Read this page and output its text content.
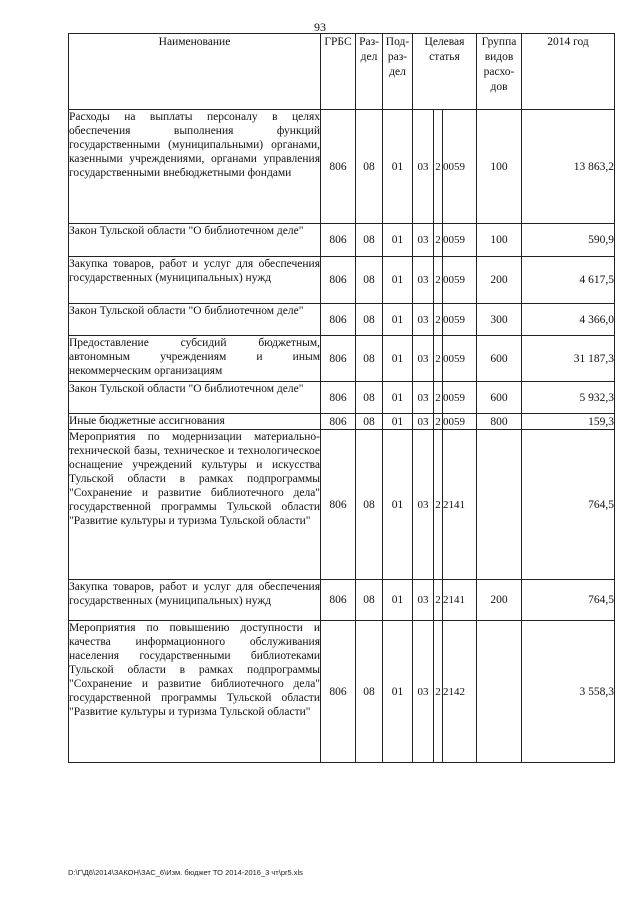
93
Наименование	ГРБС	Раз-дел	Под-раз-дел	Целевая статья			Группа видов расхо-дов	2014 год
Расходы на выплаты персоналу в целях обеспечения выполнения функций государственными (муниципальными) органами, казенными учреждениями, органами управления государственными внебюджетными фондами	806	08	01	03	2	0059	100	13 863,2
Закон Тульской области "О библиотечном деле"	806	08	01	03	2	0059	100	590,9
Закупка товаров, работ и услуг для обеспечения государственных (муниципальных) нужд	806	08	01	03	2	0059	200	4 617,5
Закон Тульской области "О библиотечном деле"	806	08	01	03	2	0059	300	4 366,0
Предоставление субсидий бюджетным, автономным учреждениям и иным некоммерческим организациям	806	08	01	03	2	0059	600	31 187,3
Закон Тульской области "О библиотечном деле"	806	08	01	03	2	0059	600	5 932,3
Иные бюджетные ассигнования	806	08	01	03	2	0059	800	159,3
Мероприятия по модернизации материально-технической базы, техническое и технологическое оснащение учреждений культуры и искусства Тульской области в рамках подпрограммы "Сохранение и развитие библиотечного дела" государственной программы Тульской области "Развитие культуры и туризма Тульской области"	806	08	01	03	2	2141		764,5
Закупка товаров, работ и услуг для обеспечения государственных (муниципальных) нужд	806	08	01	03	2	2141	200	764,5
Мероприятия по повышению доступности и качества информационного обслуживания населения государственными библиотеками Тульской области в рамках подпрограммы "Сохранение и развитие библиотечного дела" государственной программы Тульской области "Развитие культуры и туризма Тульской области"	806	08	01	03	2	2142		3 558,3
D:\Г\Д6\2014\ЗАКОН\ЗАС_6\Изм. бюджет ТО 2014-2016_3 чт\pr5.xls
